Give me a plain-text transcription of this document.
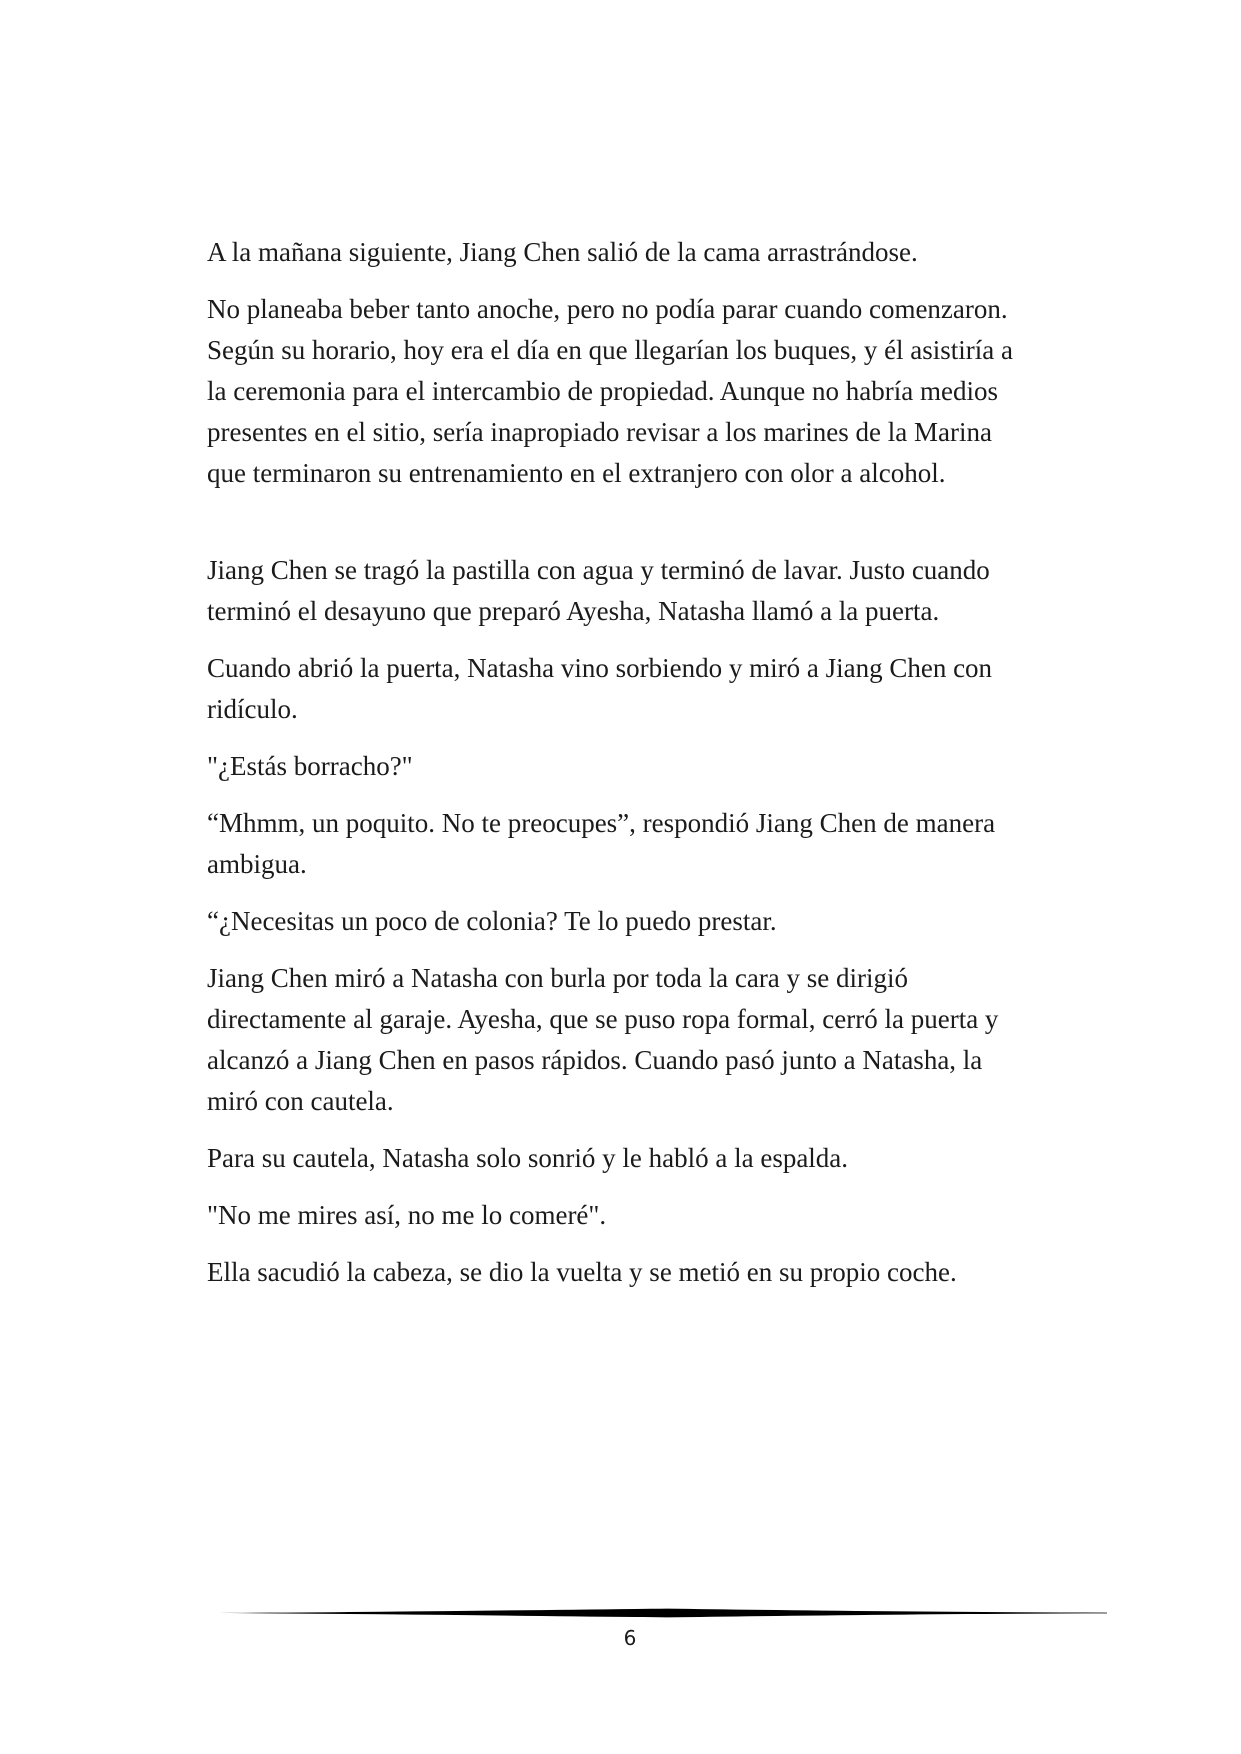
A la mañana siguiente, Jiang Chen salió de la cama arrastrándose.

No planeaba beber tanto anoche, pero no podía parar cuando comenzaron. Según su horario, hoy era el día en que llegarían los buques, y él asistiría a la ceremonia para el intercambio de propiedad. Aunque no habría medios presentes en el sitio, sería inapropiado revisar a los marines de la Marina que terminaron su entrenamiento en el extranjero con olor a alcohol.

Jiang Chen se tragó la pastilla con agua y terminó de lavar. Justo cuando terminó el desayuno que preparó Ayesha, Natasha llamó a la puerta.

Cuando abrió la puerta, Natasha vino sorbiendo y miró a Jiang Chen con ridículo.

"¿Estás borracho?"

“Mhmm, un poquito. No te preocupes”, respondió Jiang Chen de manera ambigua.

“¿Necesitas un poco de colonia? Te lo puedo prestar.

Jiang Chen miró a Natasha con burla por toda la cara y se dirigió directamente al garaje. Ayesha, que se puso ropa formal, cerró la puerta y alcanzó a Jiang Chen en pasos rápidos. Cuando pasó junto a Natasha, la miró con cautela.

Para su cautela, Natasha solo sonrió y le habló a la espalda.

"No me mires así, no me lo comeré".

Ella sacudió la cabeza, se dio la vuelta y se metió en su propio coche.

6
